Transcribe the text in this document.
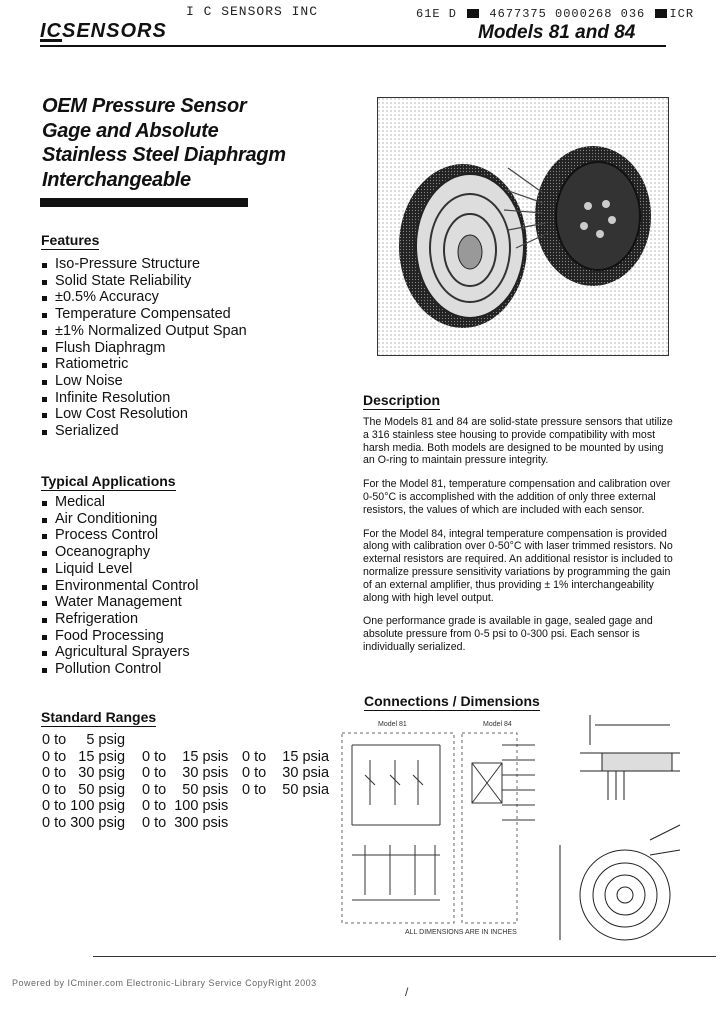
I C SENSORS INC	61E D	4677375 0000268 036 ICR
ICSENSORS	Models 81 and 84
OEM Pressure Sensor
Gage and Absolute
Stainless Steel Diaphragm
Interchangeable
Features
Iso-Pressure Structure
Solid State Reliability
±0.5% Accuracy
Temperature Compensated
±1% Normalized Output Span
Flush Diaphragm
Ratiometric
Low Noise
Infinite Resolution
Low Cost Resolution
Serialized
Typical Applications
Medical
Air Conditioning
Process Control
Oceanography
Liquid Level
Environmental Control
Water Management
Refrigeration
Food Processing
Agricultural Sprayers
Pollution Control
Standard Ranges
0 to     5 psig
0 to   15 psig	0 to    15 psis 0 to    15 psia
0 to   30 psig	0 to    30 psis 0 to    30 psia
0 to   50 psig	0 to    50 psis 0 to    50 psia
0 to 100 psig	0 to  100 psis
0 to 300 psig	0 to  300 psis
Description

The Models 81 and 84 are solid-state pressure sensors that utilize a 316 stainless stee housing to provide compatibility with most harsh media. Both models are designed to be mounted by using an O-ring to maintain pressure integrity.

For the Model 81, temperature compensation and calibration over 0-50°C is accomplished with the addition of only three external resistors, the values of which are included with each sensor.

For the Model 84, integral temperature compensation is provided along with calibration over 0-50°C with laser trimmed resistors. No external resistors are required. An additional resistor is included to normalize pressure sensitivity variations by programming the gain of an external amplifier, thus providing ± 1% interchangeability along with high level output.

One performance grade is available in gage, sealed gage and absolute pressure from 0-5 psi to 0-300 psi. Each sensor is individually serialized.

Connections / Dimensions
Model 81	Model 84
ALL DIMENSIONS ARE IN INCHES
Powered by ICminer.com Electronic-Library Service CopyRight 2003
/
